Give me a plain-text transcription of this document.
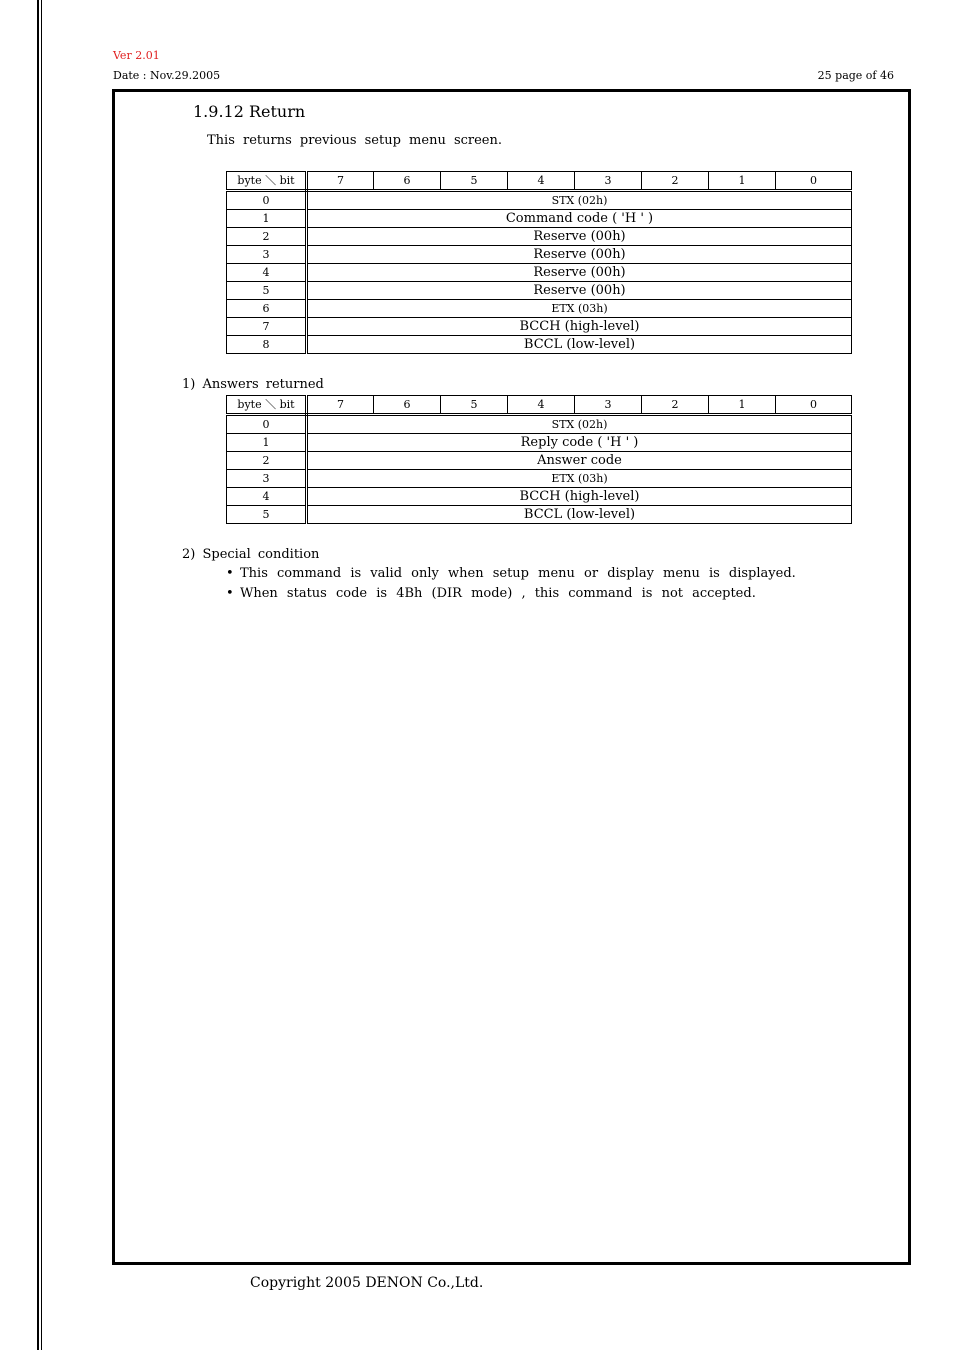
Ver 2.01
Date : Nov.29.2005	25 page of 46
1.9.12 Return
This returns previous setup menu screen.
byte ＼ bit	7	6	5	4	3	2	1	0
0	STX (02h)							
1	Command code ( 'H ' )							
2	Reserve (00h)							
3	Reserve (00h)							
4	Reserve (00h)							
5	Reserve (00h)							
6	ETX (03h)							
7	BCCH (high-level)							
8	BCCL (low-level)							
1) Answers returned
byte ＼ bit	7	6	5	4	3	2	1	0
0	STX (02h)							
1	Reply code ( 'H ' )							
2	Answer code							
3	ETX (03h)							
4	BCCH (high-level)							
5	BCCL (low-level)							
2) Special condition
• This command is valid only when setup menu or display menu is displayed.
• When status code is 4Bh (DIR mode) , this command is not accepted.
Copyright 2005 DENON Co.,Ltd.
